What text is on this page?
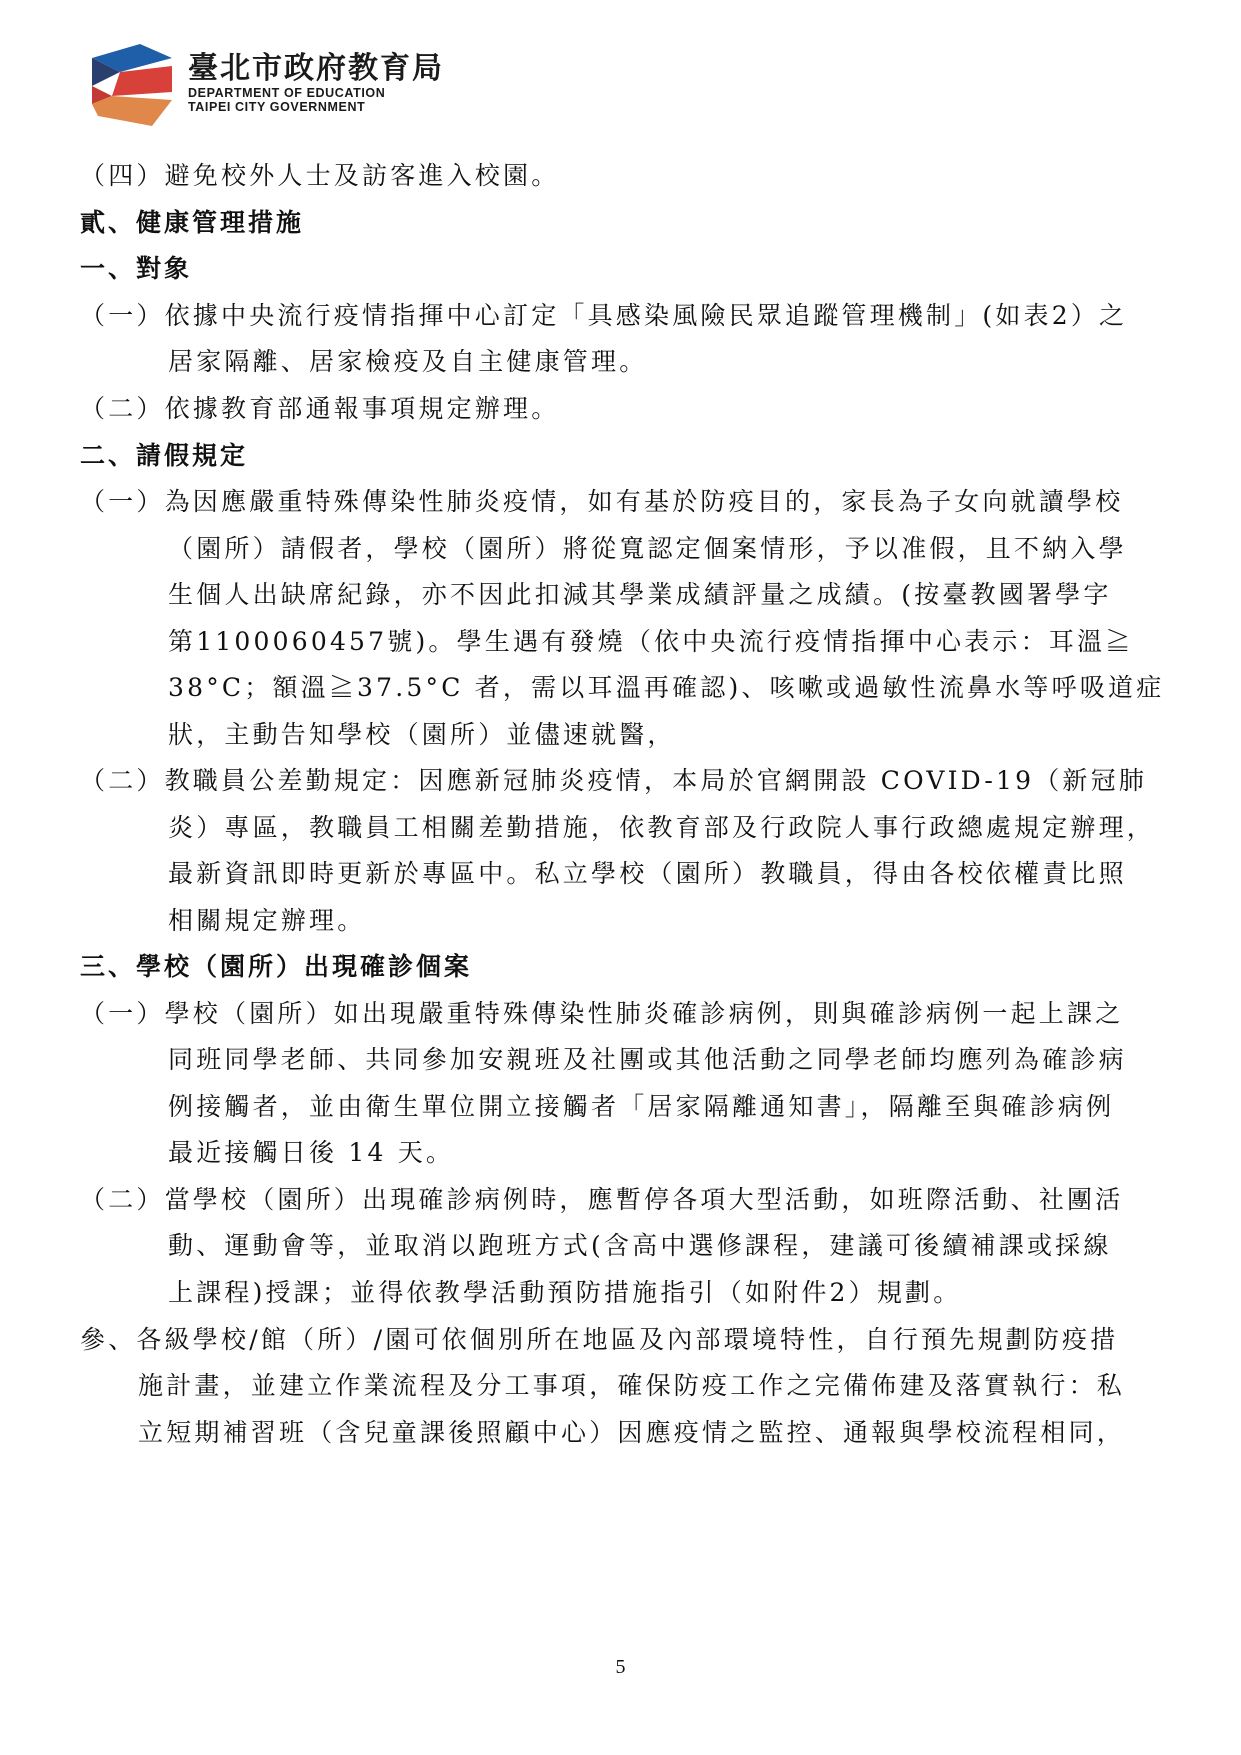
臺北市政府教育局
DEPARTMENT OF EDUCATION
TAIPEI CITY GOVERNMENT
（四）避免校外人士及訪客進入校園。
貳、健康管理措施
一、對象
（一）依據中央流行疫情指揮中心訂定「具感染風險民眾追蹤管理機制」(如表2）之
居家隔離、居家檢疫及自主健康管理。
（二）依據教育部通報事項規定辦理。
二、請假規定
（一）為因應嚴重特殊傳染性肺炎疫情，如有基於防疫目的，家長為子女向就讀學校
（園所）請假者，學校（園所）將從寬認定個案情形，予以准假，且不納入學
生個人出缺席紀錄，亦不因此扣減其學業成績評量之成績。(按臺教國署學字
第1100060457號)。學生遇有發燒（依中央流行疫情指揮中心表示：耳溫≧
38°C；額溫≧37.5°C 者，需以耳溫再確認)、咳嗽或過敏性流鼻水等呼吸道症
狀，主動告知學校（園所）並儘速就醫，
（二）教職員公差勤規定：因應新冠肺炎疫情，本局於官網開設 COVID-19（新冠肺
炎）專區，教職員工相關差勤措施，依教育部及行政院人事行政總處規定辦理，
最新資訊即時更新於專區中。私立學校（園所）教職員，得由各校依權責比照
相關規定辦理。
三、學校（園所）出現確診個案
（一）學校（園所）如出現嚴重特殊傳染性肺炎確診病例，則與確診病例一起上課之
同班同學老師、共同參加安親班及社團或其他活動之同學老師均應列為確診病
例接觸者，並由衛生單位開立接觸者「居家隔離通知書」，隔離至與確診病例
最近接觸日後 14 天。
（二）當學校（園所）出現確診病例時，應暫停各項大型活動，如班際活動、社團活
動、運動會等，並取消以跑班方式(含高中選修課程，建議可後續補課或採線
上課程)授課；並得依教學活動預防措施指引（如附件2）規劃。
參、各級學校/館（所）/園可依個別所在地區及內部環境特性，自行預先規劃防疫措
施計畫，並建立作業流程及分工事項，確保防疫工作之完備佈建及落實執行：私
立短期補習班（含兒童課後照顧中心）因應疫情之監控、通報與學校流程相同，
5
